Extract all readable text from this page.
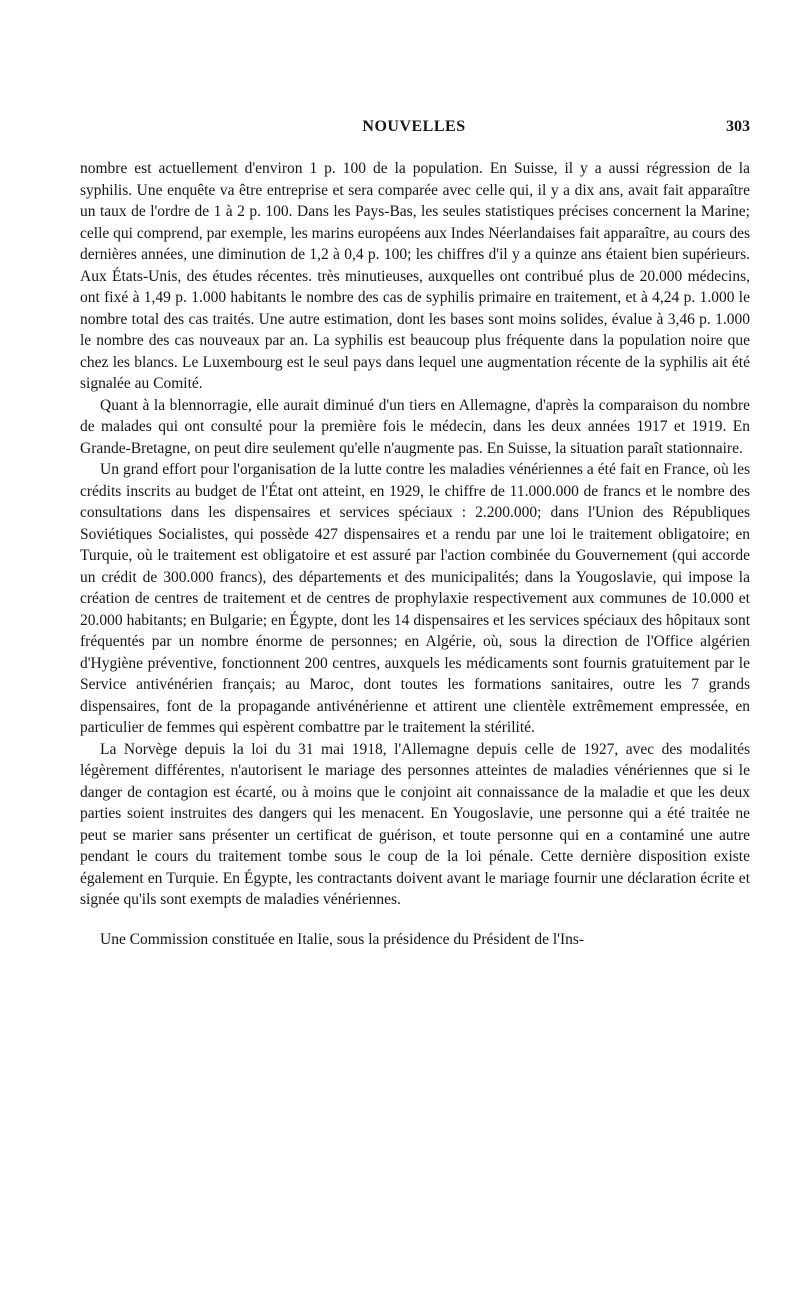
NOUVELLES	303

nombre est actuellement d'environ 1 p. 100 de la population. En Suisse, il y a aussi régression de la syphilis. Une enquête va être entreprise et sera comparée avec celle qui, il y a dix ans, avait fait apparaître un taux de l'ordre de 1 à 2 p. 100. Dans les Pays-Bas, les seules statistiques précises concernent la Marine; celle qui comprend, par exemple, les marins européens aux Indes Néerlandaises fait apparaître, au cours des dernières années, une diminution de 1,2 à 0,4 p. 100; les chiffres d'il y a quinze ans étaient bien supérieurs. Aux États-Unis, des études récentes. très minutieuses, auxquelles ont contribué plus de 20.000 médecins, ont fixé à 1,49 p. 1.000 habitants le nombre des cas de syphilis primaire en traitement, et à 4,24 p. 1.000 le nombre total des cas traités. Une autre estimation, dont les bases sont moins solides, évalue à 3,46 p. 1.000 le nombre des cas nouveaux par an. La syphilis est beaucoup plus fréquente dans la population noire que chez les blancs. Le Luxembourg est le seul pays dans lequel une augmentation récente de la syphilis ait été signalée au Comité.

Quant à la blennorragie, elle aurait diminué d'un tiers en Allemagne, d'après la comparaison du nombre de malades qui ont consulté pour la première fois le médecin, dans les deux années 1917 et 1919. En Grande-Bretagne, on peut dire seulement qu'elle n'augmente pas. En Suisse, la situation paraît stationnaire.

Un grand effort pour l'organisation de la lutte contre les maladies vénériennes a été fait en France, où les crédits inscrits au budget de l'État ont atteint, en 1929, le chiffre de 11.000.000 de francs et le nombre des consultations dans les dispensaires et services spéciaux : 2.200.000; dans l'Union des Républiques Soviétiques Socialistes, qui possède 427 dispensaires et a rendu par une loi le traitement obligatoire; en Turquie, où le traitement est obligatoire et est assuré par l'action combinée du Gouvernement (qui accorde un crédit de 300.000 francs), des départements et des municipalités; dans la Yougoslavie, qui impose la création de centres de traitement et de centres de prophylaxie respectivement aux communes de 10.000 et 20.000 habitants; en Bulgarie; en Égypte, dont les 14 dispensaires et les services spéciaux des hôpitaux sont fréquentés par un nombre énorme de personnes; en Algérie, où, sous la direction de l'Office algérien d'Hygiène préventive, fonctionnent 200 centres, auxquels les médicaments sont fournis gratuitement par le Service antivénérien français; au Maroc, dont toutes les formations sanitaires, outre les 7 grands dispensaires, font de la propagande antivénérienne et attirent une clientèle extrêmement empressée, en particulier de femmes qui espèrent combattre par le traitement la stérilité.

La Norvège depuis la loi du 31 mai 1918, l'Allemagne depuis celle de 1927, avec des modalités légèrement différentes, n'autorisent le mariage des personnes atteintes de maladies vénériennes que si le danger de contagion est écarté, ou à moins que le conjoint ait connaissance de la maladie et que les deux parties soient instruites des dangers qui les menacent. En Yougoslavie, une personne qui a été traitée ne peut se marier sans présenter un certificat de guérison, et toute personne qui en a contaminé une autre pendant le cours du traitement tombe sous le coup de la loi pénale. Cette dernière disposition existe également en Turquie. En Égypte, les contractants doivent avant le mariage fournir une déclaration écrite et signée qu'ils sont exempts de maladies vénériennes.

Une Commission constituée en Italie, sous la présidence du Président de l'Ins-
